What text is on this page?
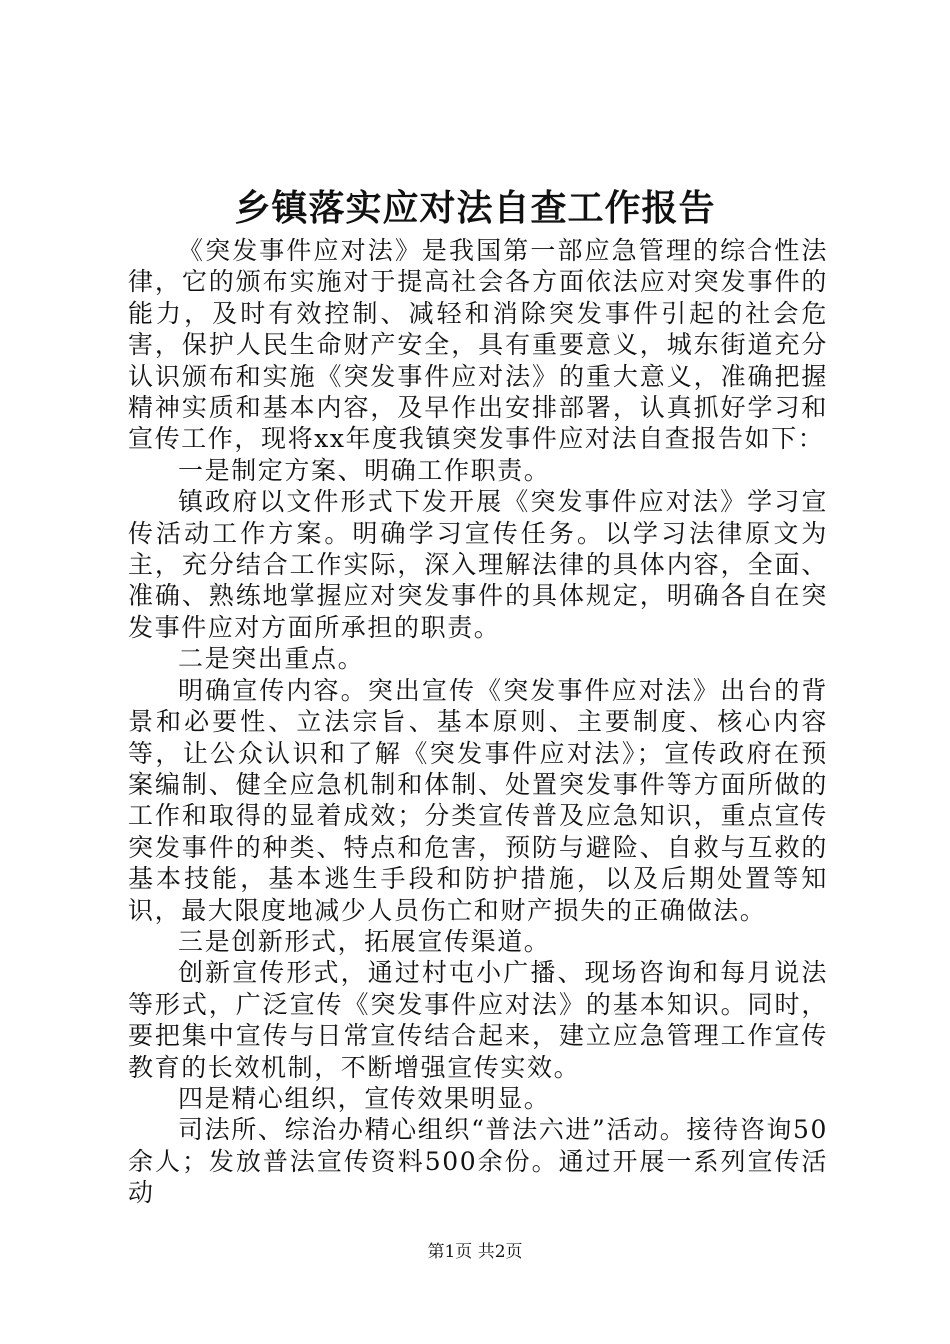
乡镇落实应对法自查工作报告

《突发事件应对法》是我国第一部应急管理的综合性法律，它的颁布实施对于提高社会各方面依法应对突发事件的能力，及时有效控制、减轻和消除突发事件引起的社会危害，保护人民生命财产安全，具有重要意义，城东街道充分认识颁布和实施《突发事件应对法》的重大意义，准确把握精神实质和基本内容，及早作出安排部署，认真抓好学习和宣传工作，现将xx年度我镇突发事件应对法自查报告如下：

一是制定方案、明确工作职责。

镇政府以文件形式下发开展《突发事件应对法》学习宣传活动工作方案。明确学习宣传任务。以学习法律原文为主，充分结合工作实际，深入理解法律的具体内容，全面、准确、熟练地掌握应对突发事件的具体规定，明确各自在突发事件应对方面所承担的职责。

二是突出重点。

明确宣传内容。突出宣传《突发事件应对法》出台的背景和必要性、立法宗旨、基本原则、主要制度、核心内容等，让公众认识和了解《突发事件应对法》；宣传政府在预案编制、健全应急机制和体制、处置突发事件等方面所做的工作和取得的显着成效；分类宣传普及应急知识，重点宣传突发事件的种类、特点和危害，预防与避险、自救与互救的基本技能，基本逃生手段和防护措施，以及后期处置等知识，最大限度地减少人员伤亡和财产损失的正确做法。

三是创新形式，拓展宣传渠道。

创新宣传形式，通过村屯小广播、现场咨询和每月说法等形式，广泛宣传《突发事件应对法》的基本知识。同时，要把集中宣传与日常宣传结合起来，建立应急管理工作宣传教育的长效机制，不断增强宣传实效。

四是精心组织，宣传效果明显。

司法所、综治办精心组织“普法六进”活动。接待咨询50余人；发放普法宣传资料500余份。通过开展一系列宣传活动

第1页 共2页
